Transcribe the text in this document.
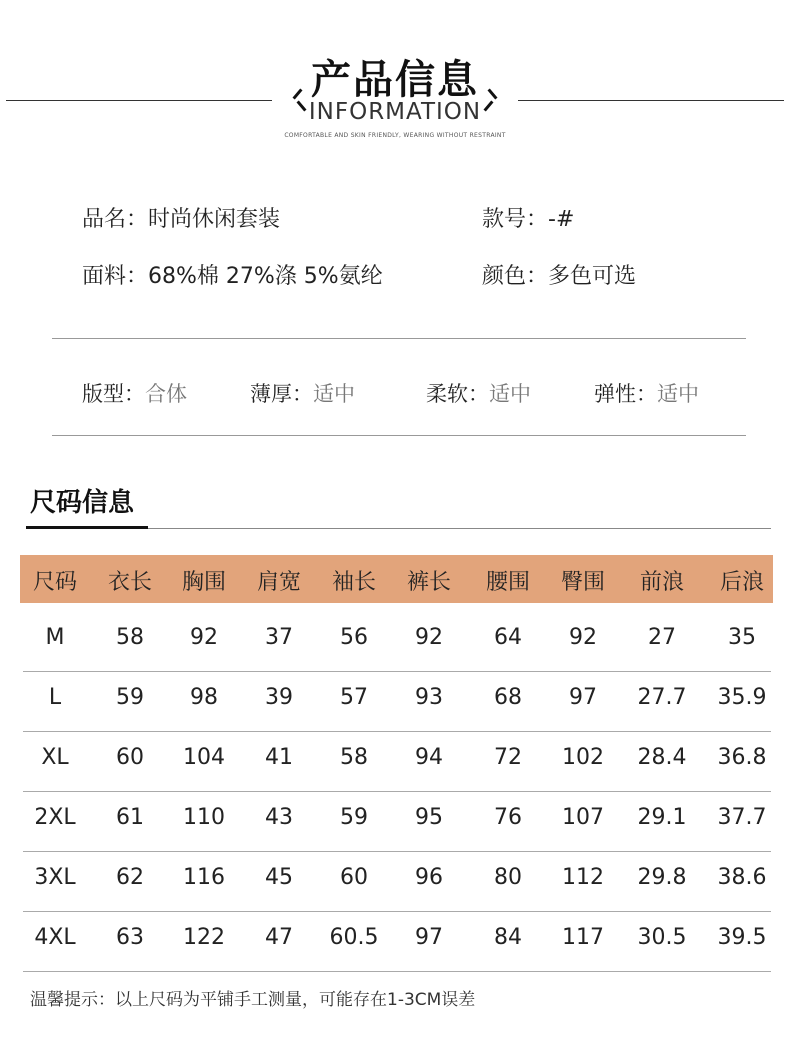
产品信息
INFORMATION
COMFORTABLE AND SKIN FRIENDLY, WEARING WITHOUT RESTRAINT
品名：时尚休闲套装	款号：-#
面料：68%棉 27%涤 5%氨纶	颜色：多色可选
版型：合体	薄厚：适中	柔软：适中	弹性：适中
尺码信息
尺码 衣长 胸围 肩宽 袖长 裤长 腰围 臀围 前浪 后浪
M 58 92 37 56 92 64 92 27 35
L 59 98 39 57 93 68 97 27.7 35.9
XL 60 104 41 58 94 72 102 28.4 36.8
2XL 61 110 43 59 95 76 107 29.1 37.7
3XL 62 116 45 60 96 80 112 29.8 38.6
4XL 63 122 47 60.5 97 84 117 30.5 39.5
温馨提示：以上尺码为平铺手工测量，可能存在1-3CM误差
